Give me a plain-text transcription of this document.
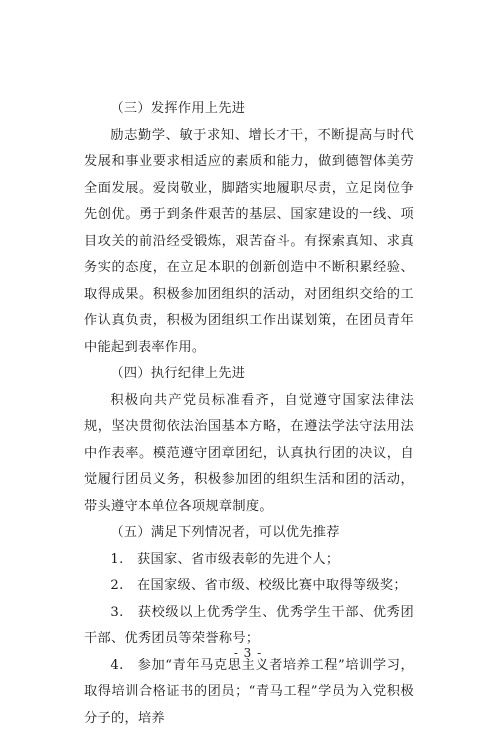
（三）发挥作用上先进

励志勤学、敏于求知、增长才干，不断提高与时代发展和事业要求相适应的素质和能力，做到德智体美劳全面发展。爱岗敬业，脚踏实地履职尽责，立足岗位争先创优。勇于到条件艰苦的基层、国家建设的一线、项目攻关的前沿经受锻炼，艰苦奋斗。有探索真知、求真务实的态度，在立足本职的创新创造中不断积累经验、取得成果。积极参加团组织的活动，对团组织交给的工作认真负责，积极为团组织工作出谋划策，在团员青年中能起到表率作用。

（四）执行纪律上先进

积极向共产党员标准看齐，自觉遵守国家法律法规，坚决贯彻依法治国基本方略，在遵法学法守法用法中作表率。模范遵守团章团纪，认真执行团的决议，自觉履行团员义务，积极参加团的组织生活和团的活动，带头遵守本单位各项规章制度。

（五）满足下列情况者，可以优先推荐

1.　获国家、省市级表彰的先进个人；

2.　在国家级、省市级、校级比赛中取得等级奖；

3.　获校级以上优秀学生、优秀学生干部、优秀团干部、优秀团员等荣誉称号；

4.　参加“青年马克思主义者培养工程”培训学习，取得培训合格证书的团员；“青马工程”学员为入党积极分子的，培养

- 3 -
